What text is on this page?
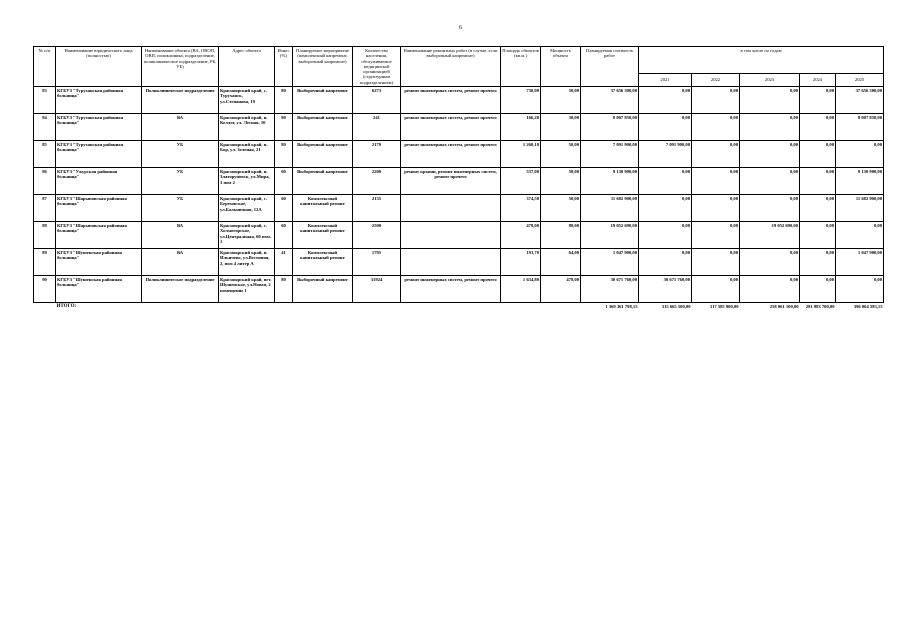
6
№ п/п	Наименование юридического лица (полностью)	Наименование объекта (ВА, ОВОП, ОВП, поликлиника, подразделение, поликлиническое подразделение, РБ, УБ)	Адрес объекта	Износ (%)	Планируемое мероприятие (комплексный капремонт, выборочный капремонт)	Количество населения, обслуживаемое медицинской организацией (структурным подразделением)	Наименование ремонтных работ (в случае, если выборочный капремонт)	Площадь объектов (кв.м.)	Мощность объекта	Планируемая стоимость работ	в том числе по годам				
											2021	2022	2023	2024	2025
83	КГБУЗ "Туруханская районная больница"	Поликлиническое подразделение	Красноярский край, с. Туруханск, ул.Степанова, 19	80	Выборочный капремонт	6273	ремонт инженерных систем, ремонт прочего	730,00	50,00	37 656 300,00	0,00	0,00	0,00	0,00	37 656 300,00
84	КГБУЗ "Туруханская районная больница"	ВА	Красноярский край, п. Келлог, ул. Лесная, 10	80	Выборочный капремонт	241	ремонт инженерных систем, ремонт прочего	166,20	30,00	8 007 850,00	0,00	0,00	0,00	0,00	8 007 850,00
85	КГБУЗ "Туруханская районная больница"	УБ	Красноярский край, п. Бор, ул. Зеленая, 21	80	Выборочный капремонт	2179	ремонт инженерных систем, ремонт прочего	1 260,10	50,00	7 091 900,00	7 091 900,00	0,00	0,00	0,00	0,00
86	КГБУЗ "Ужурская районная больница"	УБ	Красноярский край, п. Златоруновск, ул.Мира, 3 пом 2	60	Выборочный капремонт	2200	ремонт крыши, ремонт инженерных систем, ремонт прочего	537,00	50,00	9 130 900,00	0,00	0,00	0,00	0,00	9 130 900,00
87	КГБУЗ "Шарыповская районная больница"	УБ	Красноярский край, с. Березовское, ул.Больничная, 12А	60	Комплексный капитальный ремонт	2135		374,50	50,00	11 682 900,00	0,00	0,00	0,00	0,00	11 682 900,00
88	КГБУЗ "Шарыповская районная больница"	ВА	Красноярский край, с. Холмогорское, ул.Центральная, 60 пом. 1	60	Комплексный капитальный ремонт	2500		478,00	80,00	19 052 690,00	0,00	0,00	19 052 690,00	0,00	0,00
89	КГБУЗ "Шушенская районная больница"	ВА	Красноярский край, п. Ильичево, ул.Весенняя, 2, пом 4 литер А	41	Комплексный капитальный ремонт	1795		193,70	64,00	1 047 900,00	0,00	0,00	0,00	0,00	1 047 900,00
90	КГБУЗ "Шушенская районная больница"	Поликлиническое подразделение	Красноярский край, пгт. Шушенское, ул.Новая, 2 помещение 1	80	Выборочный капремонт	31924	ремонт инженерных систем, ремонт прочего	1 634,80	478,00	30 671 760,00	30 671 760,00	0,00	0,00	0,00	0,00
	ИТОГО:									1 369 361 798,15	315 665 500,00	117 585 900,00	258 061 100,00	281 983 700,00	396 064 583,15
